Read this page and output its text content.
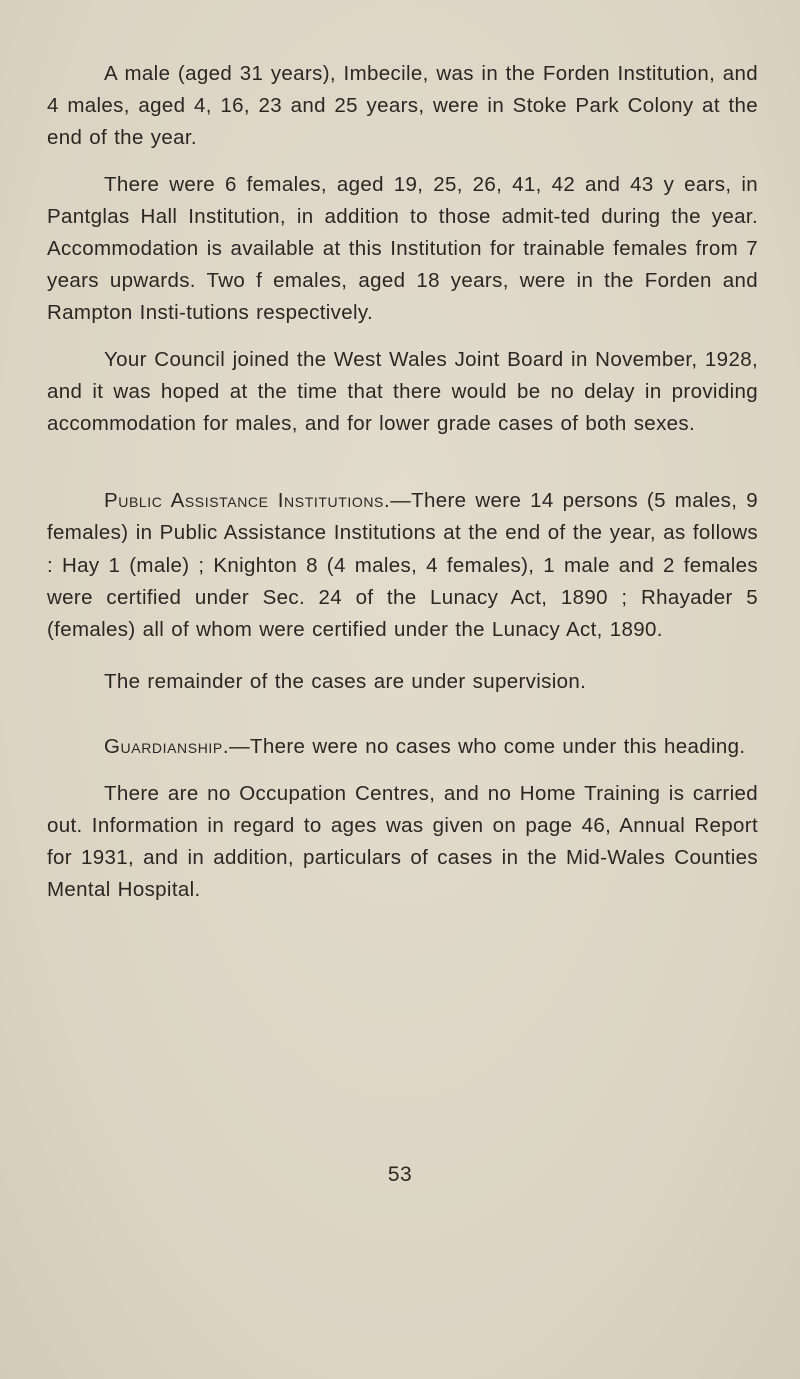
A male (aged 31 years), Imbecile, was in the Forden Institution, and 4 males, aged 4, 16, 23 and 25 years, were in Stoke Park Colony at the end of the year.

There were 6 females, aged 19, 25, 26, 41, 42 and 43 y ears, in Pantglas Hall Institution, in addition to those admit-ted during the year. Accommodation is available at this Institution for trainable females from 7 years upwards. Two f emales, aged 18 years, were in the Forden and Rampton Insti-tutions respectively.

Your Council joined the West Wales Joint Board in November, 1928, and it was hoped at the time that there would be no delay in providing accommodation for males, and for lower grade cases of both sexes.

Public Assistance Institutions.—There were 14 persons (5 males, 9 females) in Public Assistance Institutions at the end of the year, as follows : Hay 1 (male) ; Knighton 8 (4 males, 4 females), 1 male and 2 females were certified under Sec. 24 of the Lunacy Act, 1890 ; Rhayader 5 (females) all of whom were certified under the Lunacy Act, 1890.

The remainder of the cases are under supervision.

Guardianship.—There were no cases who come under this heading.

There are no Occupation Centres, and no Home Training is carried out. Information in regard to ages was given on page 46, Annual Report for 1931, and in addition, particulars of cases in the Mid-Wales Counties Mental Hospital.

53
